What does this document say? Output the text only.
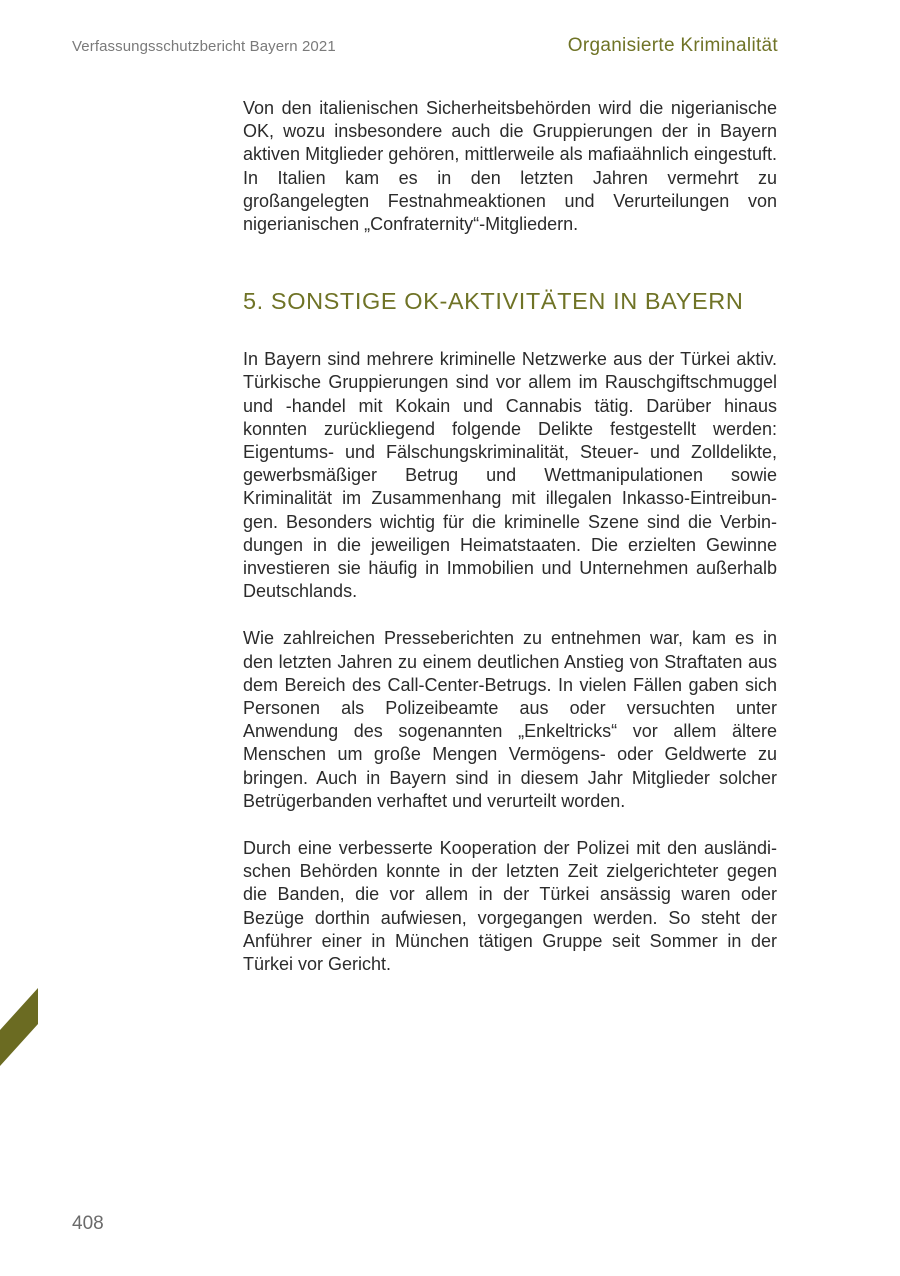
Verfassungsschutzbericht Bayern 2021	Organisierte Kriminalität

Von den italienischen Sicherheitsbehörden wird die nigerianische OK, wozu insbesondere auch die Gruppierungen der in Bayern aktiven Mitglieder gehören, mittlerweile als mafiaähnlich eingestuft. In Italien kam es in den letzten Jahren vermehrt zu großangelegten Festnahmeaktionen und Verurteilungen von nigerianischen „Confraternity“-Mitgliedern.

5. SONSTIGE OK-AKTIVITÄTEN IN BAYERN

In Bayern sind mehrere kriminelle Netzwerke aus der Türkei aktiv. Türkische Gruppierungen sind vor allem im Rauschgiftschmuggel und -handel mit Kokain und Cannabis tätig. Darüber hinaus konnten zurückliegend folgende Delikte festgestellt werden: Eigentums- und Fälschungskriminalität, Steuer- und Zolldelikte, gewerbsmäßiger Betrug und Wettmanipulationen sowie Kriminalität im Zusammenhang mit illegalen Inkasso-Eintreibungen. Besonders wichtig für die kriminelle Szene sind die Verbindungen in die jeweiligen Heimatstaaten. Die erzielten Gewinne investieren sie häufig in Immobilien und Unternehmen außerhalb Deutschlands.

Wie zahlreichen Presseberichten zu entnehmen war, kam es in den letzten Jahren zu einem deutlichen Anstieg von Straftaten aus dem Bereich des Call-Center-Betrugs. In vielen Fällen gaben sich Personen als Polizeibeamte aus oder versuchten unter Anwendung des sogenannten „Enkeltricks“ vor allem ältere Menschen um große Mengen Vermögens- oder Geldwerte zu bringen. Auch in Bayern sind in diesem Jahr Mitglieder solcher Betrügerbanden verhaftet und verurteilt worden.

Durch eine verbesserte Kooperation der Polizei mit den ausländischen Behörden konnte in der letzten Zeit zielgerichteter gegen die Banden, die vor allem in der Türkei ansässig waren oder Bezüge dorthin aufwiesen, vorgegangen werden. So steht der Anführer einer in München tätigen Gruppe seit Sommer in der Türkei vor Gericht.

408
